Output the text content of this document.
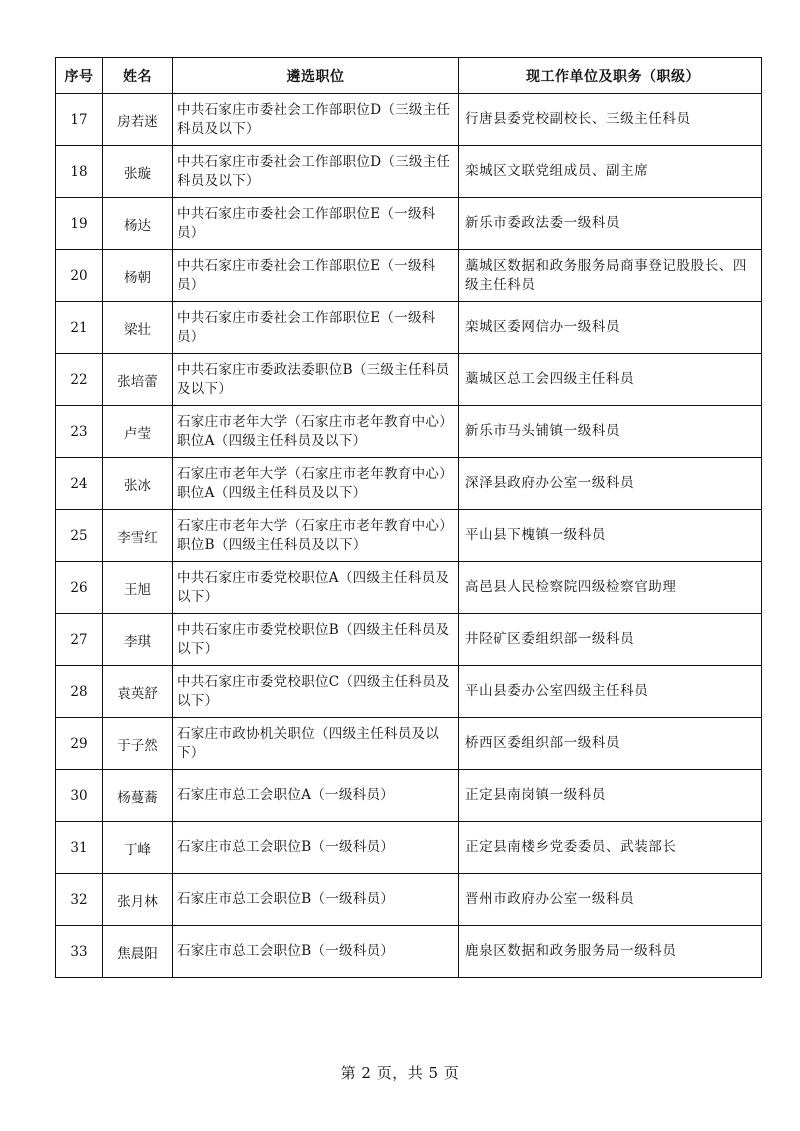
序号	姓名	遴选职位	现工作单位及职务（职级）
17	房若迷	中共石家庄市委社会工作部职位D（三级主任科员及以下）	行唐县委党校副校长、三级主任科员
18	张璇	中共石家庄市委社会工作部职位D（三级主任科员及以下）	栾城区文联党组成员、副主席
19	杨达	中共石家庄市委社会工作部职位E（一级科员）	新乐市委政法委一级科员
20	杨朝	中共石家庄市委社会工作部职位E（一级科员）	藁城区数据和政务服务局商事登记股股长、四级主任科员
21	梁壮	中共石家庄市委社会工作部职位E（一级科员）	栾城区委网信办一级科员
22	张培蕾	中共石家庄市委政法委职位B（三级主任科员及以下）	藁城区总工会四级主任科员
23	卢莹	石家庄市老年大学（石家庄市老年教育中心）职位A（四级主任科员及以下）	新乐市马头铺镇一级科员
24	张冰	石家庄市老年大学（石家庄市老年教育中心）职位A（四级主任科员及以下）	深泽县政府办公室一级科员
25	李雪红	石家庄市老年大学（石家庄市老年教育中心）职位B（四级主任科员及以下）	平山县下槐镇一级科员
26	王旭	中共石家庄市委党校职位A（四级主任科员及以下）	高邑县人民检察院四级检察官助理
27	李琪	中共石家庄市委党校职位B（四级主任科员及以下）	井陉矿区委组织部一级科员
28	袁英舒	中共石家庄市委党校职位C（四级主任科员及以下）	平山县委办公室四级主任科员
29	于子然	石家庄市政协机关职位（四级主任科员及以下）	桥西区委组织部一级科员
30	杨蔓蕎	石家庄市总工会职位A（一级科员）	正定县南岗镇一级科员
31	丁峰	石家庄市总工会职位B（一级科员）	正定县南楼乡党委委员、武装部长
32	张月林	石家庄市总工会职位B（一级科员）	晋州市政府办公室一级科员
33	焦晨阳	石家庄市总工会职位B（一级科员）	鹿泉区数据和政务服务局一级科员
第 2 页，共 5 页
